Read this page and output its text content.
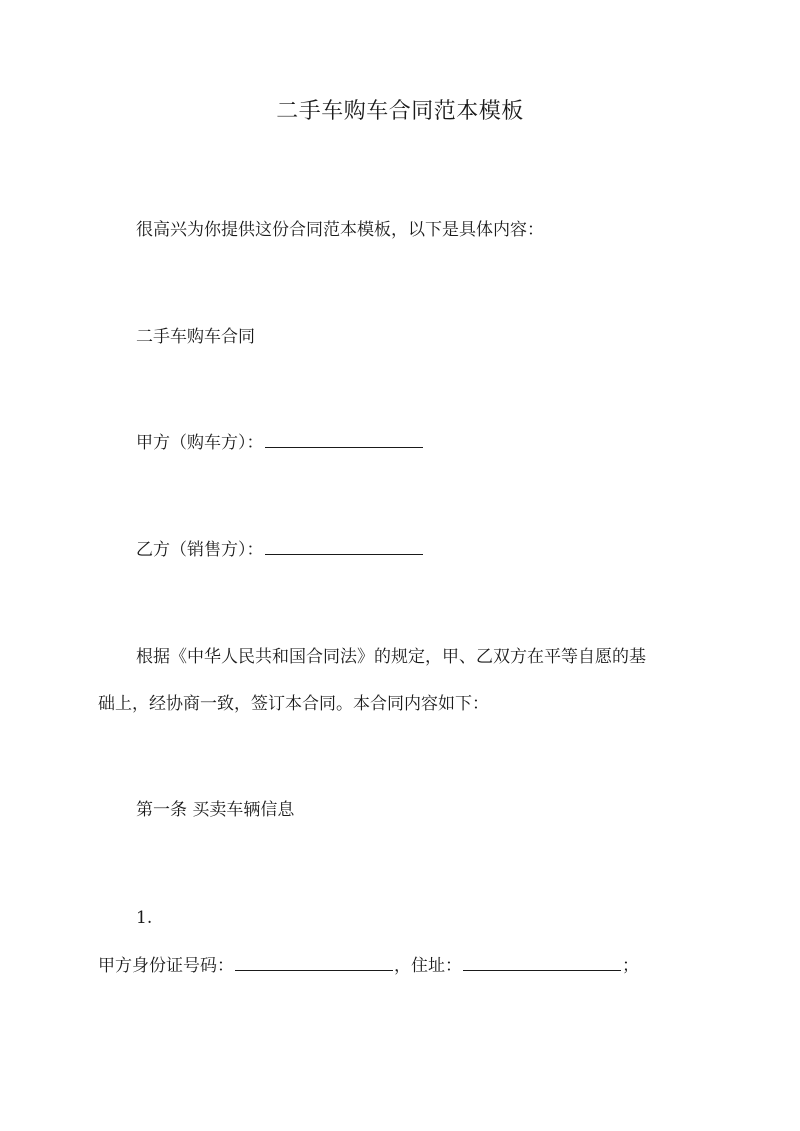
二手车购车合同范本模板
很高兴为你提供这份合同范本模板，以下是具体内容：
二手车购车合同
甲方（购车方）：
乙方（销售方）：
根据《中华人民共和国合同法》的规定，甲、乙双方在平等自愿的基
础上，经协商一致，签订本合同。本合同内容如下：
第一条 买卖车辆信息
1.
甲方身份证号码：	，住址：	；
